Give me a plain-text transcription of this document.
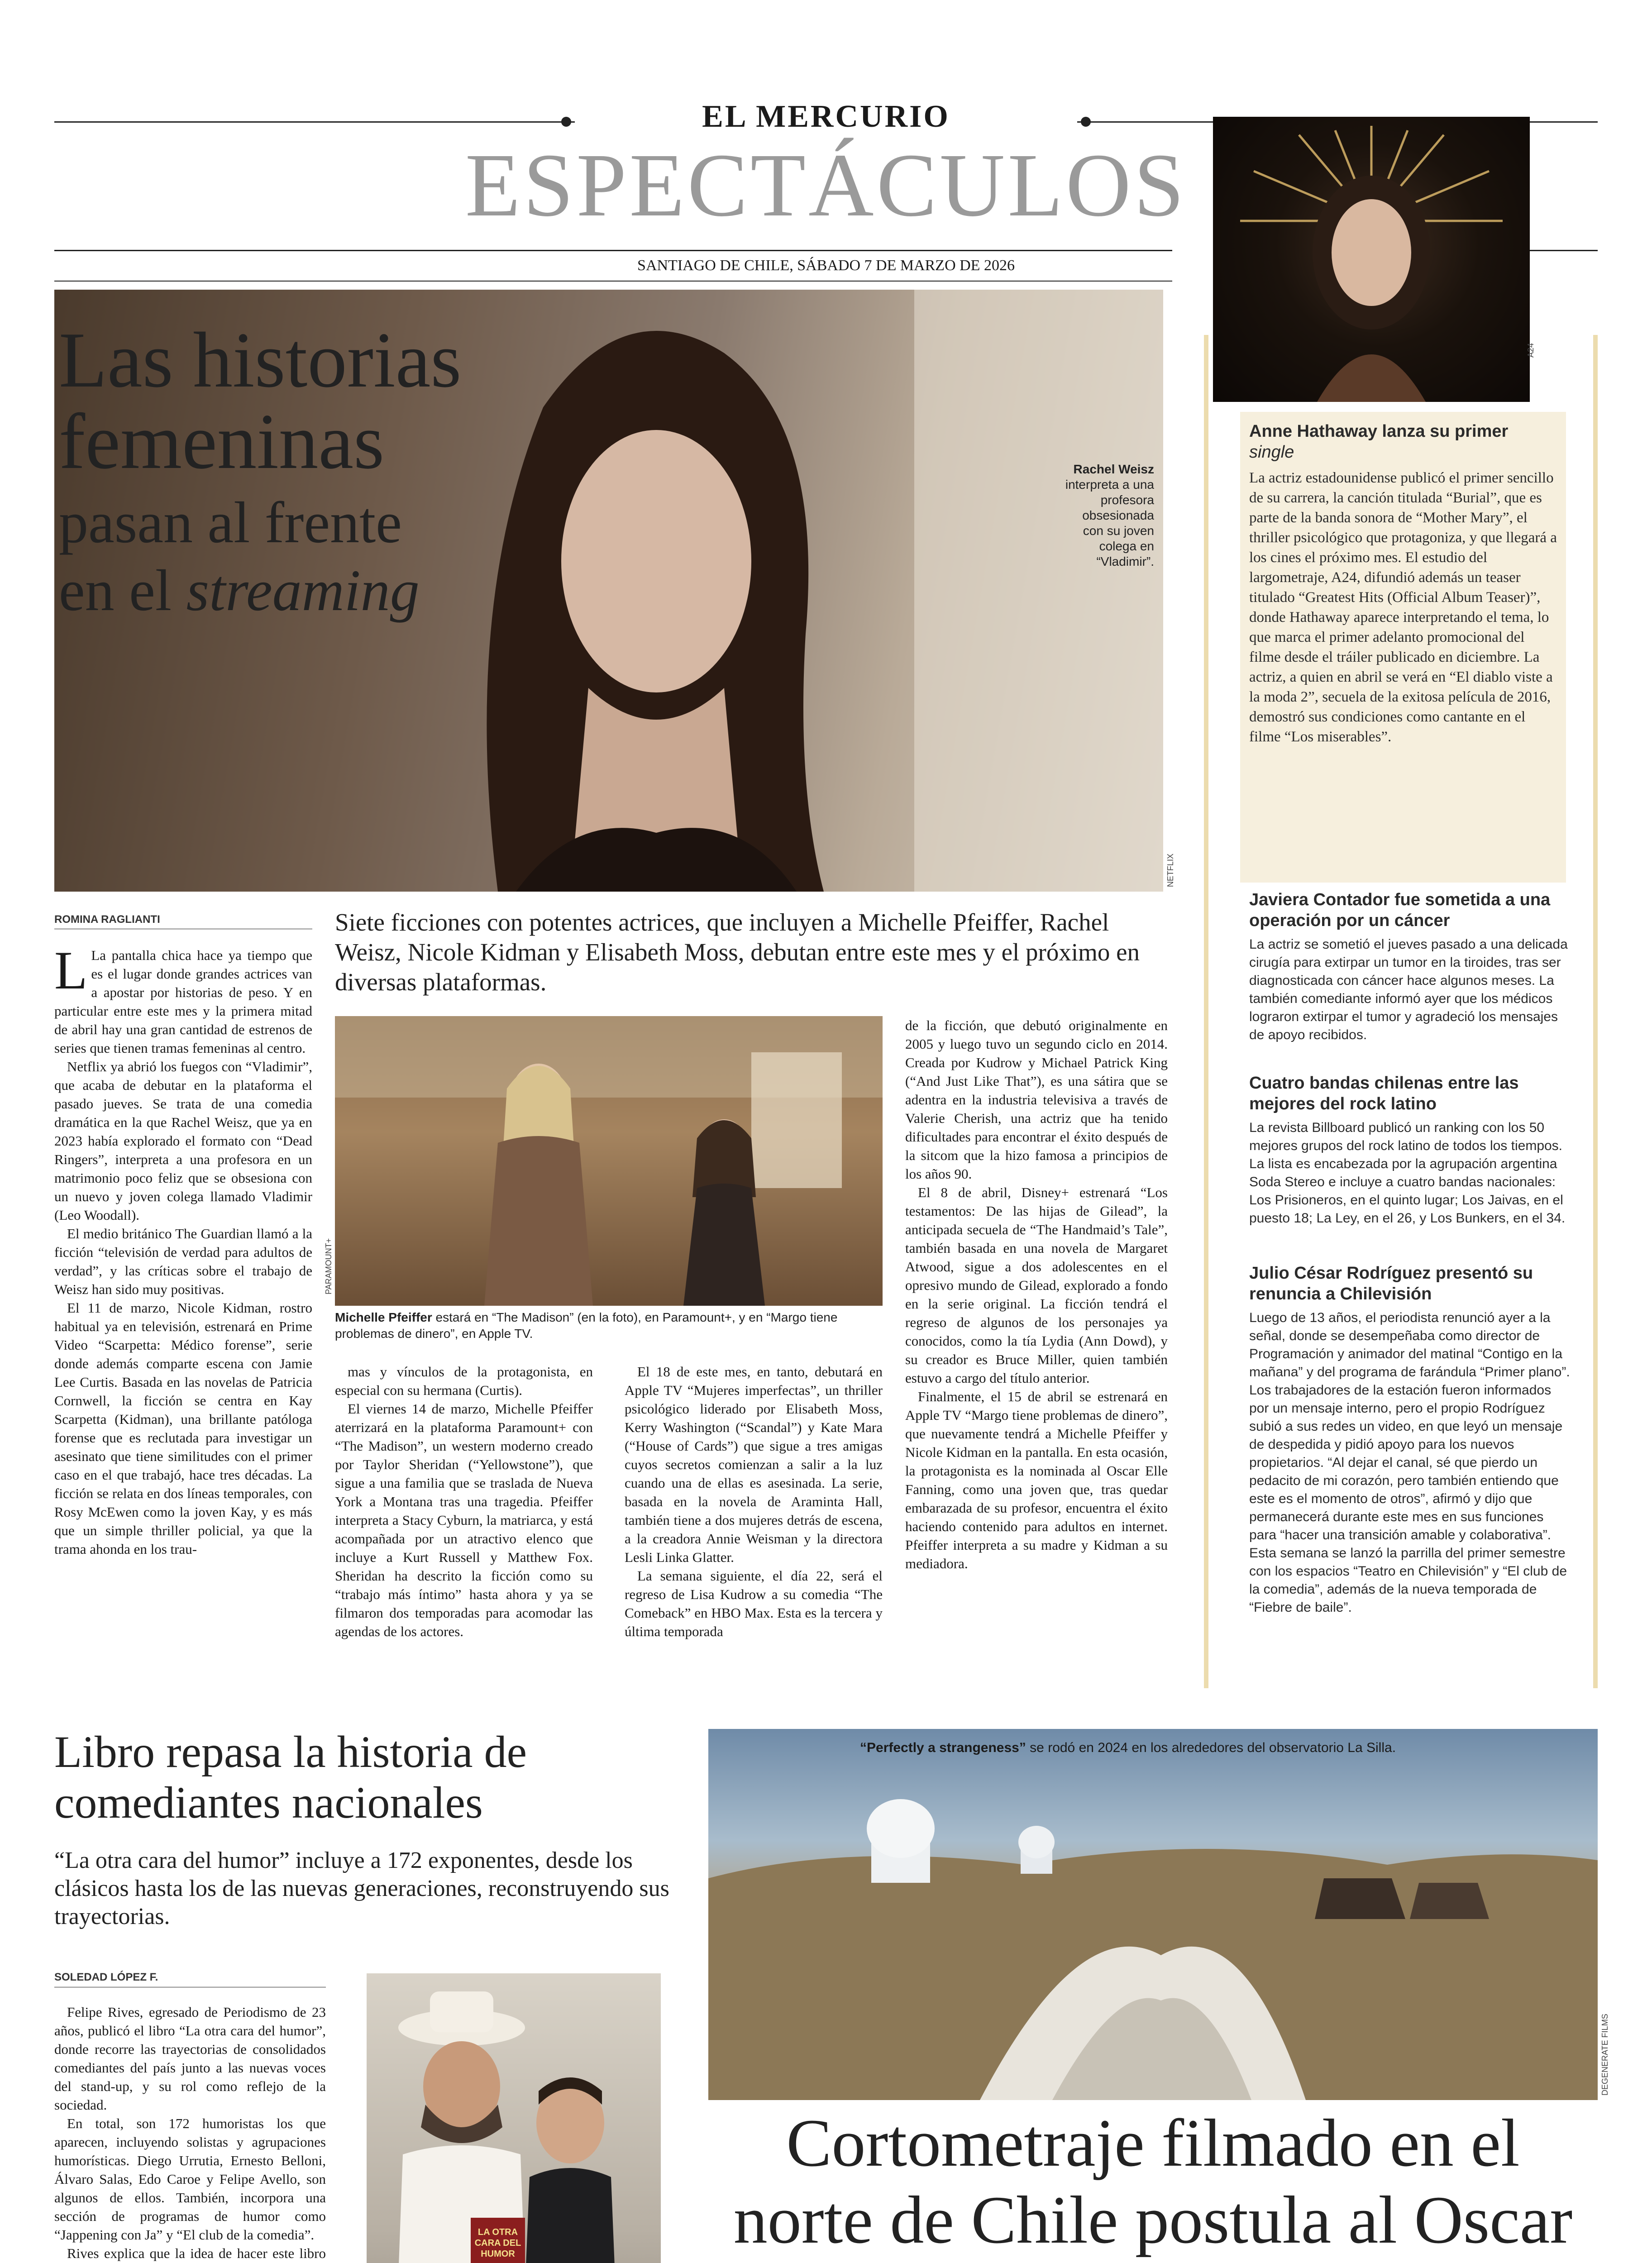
EL MERCURIO
ESPECTÁCULOS
SANTIAGO DE CHILE, SÁBADO 7 DE MARZO DE 2026
A24
Las historias
femeninas
pasan al frente
en el streaming
Rachel Weisz interpreta a una profesora obsesionada con su joven colega en “Vladimir”.
NETFLIX
ROMINA RAGLIANTI	Siete ficciones con potentes actrices, que incluyen a Michelle Pfeiffer, Rachel Weisz, Nicole Kidman y Elisabeth Moss, debutan entre este mes y el próximo en diversas plataformas.

L La pantalla chica hace ya tiempo que es el lugar donde grandes actrices van a apostar por historias de peso. Y en particular entre este mes y la primera mitad de abril hay una gran cantidad de estrenos de series que tienen tramas femeninas al centro.

Netflix ya abrió los fuegos con “Vladimir”, que acaba de debutar en la plataforma el pasado jueves. Se trata de una comedia dramática en la que Rachel Weisz, que ya en 2023 había explorado el formato con “Dead Ringers”, interpreta a una profesora en un matrimonio poco feliz que se obsesiona con un nuevo y joven colega llamado Vladimir (Leo Woodall).

El medio británico The Guardian llamó a la ficción “televisión de verdad para adultos de verdad”, y las críticas sobre el trabajo de Weisz han sido muy positivas.

El 11 de marzo, Nicole Kidman, rostro habitual ya en televisión, estrenará en Prime Video “Scarpetta: Médico forense”, serie donde además comparte escena con Jamie Lee Curtis. Basada en las novelas de Patricia Cornwell, la ficción se centra en Kay Scarpetta (Kidman), una brillante patóloga forense que es reclutada para investigar un asesinato que tiene similitudes con el primer caso en el que trabajó, hace tres décadas. La ficción se relata en dos líneas temporales, con Rosy McEwen como la joven Kay, y es más que un simple thriller policial, ya que la trama ahonda en los trau-

PARAMOUNT+
Michelle Pfeiffer estará en “The Madison” (en la foto), en Paramount+, y en “Margo tiene problemas de dinero”, en Apple TV.

mas y vínculos de la protagonista, en especial con su hermana (Curtis).

El viernes 14 de marzo, Michelle Pfeiffer aterrizará en la plataforma Paramount+ con “The Madison”, un western moderno creado por Taylor Sheridan (“Yellowstone”), que sigue a una familia que se traslada de Nueva York a Montana tras una tragedia. Pfeiffer interpreta a Stacy Cyburn, la matriarca, y está acompañada por un atractivo elenco que incluye a Kurt Russell y Matthew Fox. Sheridan ha descrito la ficción como su “trabajo más íntimo” hasta ahora y ya se filmaron dos temporadas para acomodar las agendas de los actores.

El 18 de este mes, en tanto, debutará en Apple TV “Mujeres imperfectas”, un thriller psicológico liderado por Elisabeth Moss, Kerry Washington (“Scandal”) y Kate Mara (“House of Cards”) que sigue a tres amigas cuyos secretos comienzan a salir a la luz cuando una de ellas es asesinada. La serie, basada en la novela de Araminta Hall, también tiene a dos mujeres detrás de escena, a la creadora Annie Weisman y la directora Lesli Linka Glatter.

La semana siguiente, el día 22, será el regreso de Lisa Kudrow a su comedia “The Comeback” en HBO Max. Esta es la tercera y última temporada

de la ficción, que debutó originalmente en 2005 y luego tuvo un segundo ciclo en 2014. Creada por Kudrow y Michael Patrick King (“And Just Like That”), es una sátira que se adentra en la industria televisiva a través de Valerie Cherish, una actriz que ha tenido dificultades para encontrar el éxito después de la sitcom que la hizo famosa a principios de los años 90.

El 8 de abril, Disney+ estrenará “Los testamentos: De las hijas de Gilead”, la anticipada secuela de “The Handmaid’s Tale”, también basada en una novela de Margaret Atwood, sigue a dos adolescentes en el opresivo mundo de Gilead, explorado a fondo en la serie original. La ficción tendrá el regreso de algunos de los personajes ya conocidos, como la tía Lydia (Ann Dowd), y su creador es Bruce Miller, quien también estuvo a cargo del título anterior.

Finalmente, el 15 de abril se estrenará en Apple TV “Margo tiene problemas de dinero”, que nuevamente tendrá a Michelle Pfeiffer y Nicole Kidman en la pantalla. En esta ocasión, la protagonista es la nominada al Oscar Elle Fanning, como una joven que, tras quedar embarazada de su profesor, encuentra el éxito haciendo contenido para adultos en internet. Pfeiffer interpreta a su madre y Kidman a su mediadora.

Anne Hathaway lanza su primer single
La actriz estadounidense publicó el primer sencillo de su carrera, la canción titulada “Burial”, que es parte de la banda sonora de “Mother Mary”, el thriller psicológico que protagoniza, y que llegará a los cines el próximo mes. El estudio del largometraje, A24, difundió además un teaser titulado “Greatest Hits (Official Album Teaser)”, donde Hathaway aparece interpretando el tema, lo que marca el primer adelanto promocional del filme desde el tráiler publicado en diciembre. La actriz, a quien en abril se verá en “El diablo viste a la moda 2”, secuela de la exitosa película de 2016, demostró sus condiciones como cantante en el filme “Los miserables”.
Javiera Contador fue sometida a una operación por un cáncer
La actriz se sometió el jueves pasado a una delicada cirugía para extirpar un tumor en la tiroides, tras ser diagnosticada con cáncer hace algunos meses. La también comediante informó ayer que los médicos lograron extirpar el tumor y agradeció los mensajes de apoyo recibidos.
Cuatro bandas chilenas entre las mejores del rock latino
La revista Billboard publicó un ranking con los 50 mejores grupos del rock latino de todos los tiempos. La lista es encabezada por la agrupación argentina Soda Stereo e incluye a cuatro bandas nacionales: Los Prisioneros, en el quinto lugar; Los Jaivas, en el puesto 18; La Ley, en el 26, y Los Bunkers, en el 34.
Julio César Rodríguez presentó su renuncia a Chilevisión
Luego de 13 años, el periodista renunció ayer a la señal, donde se desempeñaba como director de Programación y animador del matinal “Contigo en la mañana” y del programa de farándula “Primer plano”. Los trabajadores de la estación fueron informados por un mensaje interno, pero el propio Rodríguez subió a sus redes un video, en que leyó un mensaje de despedida y pidió apoyo para los nuevos propietarios. “Al dejar el canal, sé que pierdo un pedacito de mi corazón, pero también entiendo que este es el momento de otros”, afirmó y dijo que permanecerá durante este mes en sus funciones para “hacer una transición amable y colaborativa”. Esta semana se lanzó la parrilla del primer semestre con los espacios “Teatro en Chilevisión” y “El club de la comedia”, además de la nueva temporada de “Fiebre de baile”.
Libro repasa la historia de comediantes nacionales
“La otra cara del humor” incluye a 172 exponentes, desde los clásicos hasta los de las nuevas generaciones, reconstruyendo sus trayectorias.
SOLEDAD LÓPEZ F.

Felipe Rives, egresado de Periodismo de 23 años, publicó el libro “La otra cara del humor”, donde recorre las trayectorias de consolidados comediantes del país junto a las nuevas voces del stand-up, y su rol como reflejo de la sociedad.

En total, son 172 humoristas los que aparecen, incluyendo solistas y agrupaciones humorísticas. Diego Urrutia, Ernesto Belloni, Álvaro Salas, Edo Caroe y Felipe Avello, son algunos de ellos. También, incorpora una sección de programas de humor como “Jappening con Ja” y “El club de la comedia”.

Rives explica que la idea de hacer este libro

LA OTRA CARA DEL HUMOR

“Perfectly a strangeness” se rodó en 2024 en los alrededores del observatorio La Silla.
DEGENERATE FILMS
Cortometraje filmado en el
norte de Chile postula al Oscar
